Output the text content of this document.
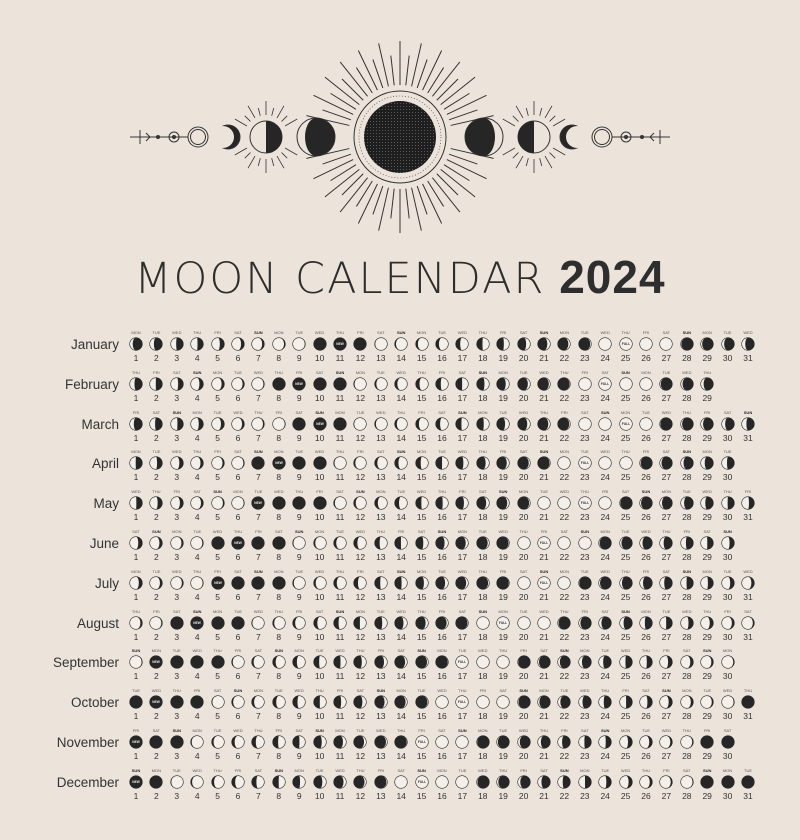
MOON CALENDAR 2024
January
MON
1
TUE
2
WED
3
THU
4
FRI
5
SAT
6
SUN
7
MON
8
TUE
9
WED
10
THU
NEW
11
FRI
12
SAT
13
SUN
14
MON
15
TUE
16
WED
17
THU
18
FRI
19
SAT
20
SUN
21
MON
22
TUE
23
WED
24
THU
FULL
25
FRI
26
SAT
27
SUN
28
MON
29
TUE
30
WED
31
February
THU
1
FRI
2
SAT
3
SUN
4
MON
5
TUE
6
WED
7
THU
8
FRI
NEW
9
SAT
10
SUN
11
MON
12
TUE
13
WED
14
THU
15
FRI
16
SAT
17
SUN
18
MON
19
TUE
20
WED
21
THU
22
FRI
23
SAT
FULL
24
SUN
25
MON
26
TUE
27
WED
28
THU
29
March
FRI
1
SAT
2
SUN
3
MON
4
TUE
5
WED
6
THU
7
FRI
8
SAT
9
SUN
NEW
10
MON
11
TUE
12
WED
13
THU
14
FRI
15
SAT
16
SUN
17
MON
18
TUE
19
WED
20
THU
21
FRI
22
SAT
23
SUN
24
MON
FULL
25
TUE
26
WED
27
THU
28
FRI
29
SAT
30
SUN
31
April
MON
1
TUE
2
WED
3
THU
4
FRI
5
SAT
6
SUN
7
MON
NEW
8
TUE
9
WED
10
THU
11
FRI
12
SAT
13
SUN
14
MON
15
TUE
16
WED
17
THU
18
FRI
19
SAT
20
SUN
21
MON
22
TUE
FULL
23
WED
24
THU
25
FRI
26
SAT
27
SUN
28
MON
29
TUE
30
May
WED
1
THU
2
FRI
3
SAT
4
SUN
5
MON
6
TUE
NEW
7
WED
8
THU
9
FRI
10
SAT
11
SUN
12
MON
13
TUE
14
WED
15
THU
16
FRI
17
SAT
18
SUN
19
MON
20
TUE
21
WED
22
THU
FULL
23
FRI
24
SAT
25
SUN
26
MON
27
TUE
28
WED
29
THU
30
FRI
31
June
SAT
1
SUN
2
MON
3
TUE
4
WED
5
THU
NEW
6
FRI
7
SAT
8
SUN
9
MON
10
TUE
11
WED
12
THU
13
FRI
14
SAT
15
SUN
16
MON
17
TUE
18
WED
19
THU
20
FRI
FULL
21
SAT
22
SUN
23
MON
24
TUE
25
WED
26
THU
27
FRI
28
SAT
29
SUN
30
July
MON
1
TUE
2
WED
3
THU
4
FRI
NEW
5
SAT
6
SUN
7
MON
8
TUE
9
WED
10
THU
11
FRI
12
SAT
13
SUN
14
MON
15
TUE
16
WED
17
THU
18
FRI
19
SAT
20
SUN
FULL
21
MON
22
TUE
23
WED
24
THU
25
FRI
26
SAT
27
SUN
28
MON
29
TUE
30
WED
31
August
THU
1
FRI
2
SAT
3
SUN
NEW
4
MON
5
TUE
6
WED
7
THU
8
FRI
9
SAT
10
SUN
11
MON
12
TUE
13
WED
14
THU
15
FRI
16
SAT
17
SUN
18
MON
FULL
19
TUE
20
WED
21
THU
22
FRI
23
SAT
24
SUN
25
MON
26
TUE
27
WED
28
THU
29
FRI
30
SAT
31
September
SUN
1
MON
NEW
2
TUE
3
WED
4
THU
5
FRI
6
SAT
7
SUN
8
MON
9
TUE
10
WED
11
THU
12
FRI
13
SAT
14
SUN
15
MON
16
TUE
FULL
17
WED
18
THU
19
FRI
20
SAT
21
SUN
22
MON
23
TUE
24
WED
25
THU
26
FRI
27
SAT
28
SUN
29
MON
30
October
TUE
1
WED
NEW
2
THU
3
FRI
4
SAT
5
SUN
6
MON
7
TUE
8
WED
9
THU
10
FRI
11
SAT
12
SUN
13
MON
14
TUE
15
WED
16
THU
FULL
17
FRI
18
SAT
19
SUN
20
MON
21
TUE
22
WED
23
THU
24
FRI
25
SAT
26
SUN
27
MON
28
TUE
29
WED
30
THU
31
November
FRI
NEW
1
SAT
2
SUN
3
MON
4
TUE
5
WED
6
THU
7
FRI
8
SAT
9
SUN
10
MON
11
TUE
12
WED
13
THU
14
FRI
FULL
15
SAT
16
SUN
17
MON
18
TUE
19
WED
20
THU
21
FRI
22
SAT
23
SUN
24
MON
25
TUE
26
WED
27
THU
28
FRI
29
SAT
30
December
SUN
NEW
1
MON
2
TUE
3
WED
4
THU
5
FRI
6
SAT
7
SUN
8
MON
9
TUE
10
WED
11
THU
12
FRI
13
SAT
14
SUN
FULL
15
MON
16
TUE
17
WED
18
THU
19
FRI
20
SAT
21
SUN
22
MON
23
TUE
24
WED
25
THU
26
FRI
27
SAT
28
SUN
29
MON
30
TUE
31
